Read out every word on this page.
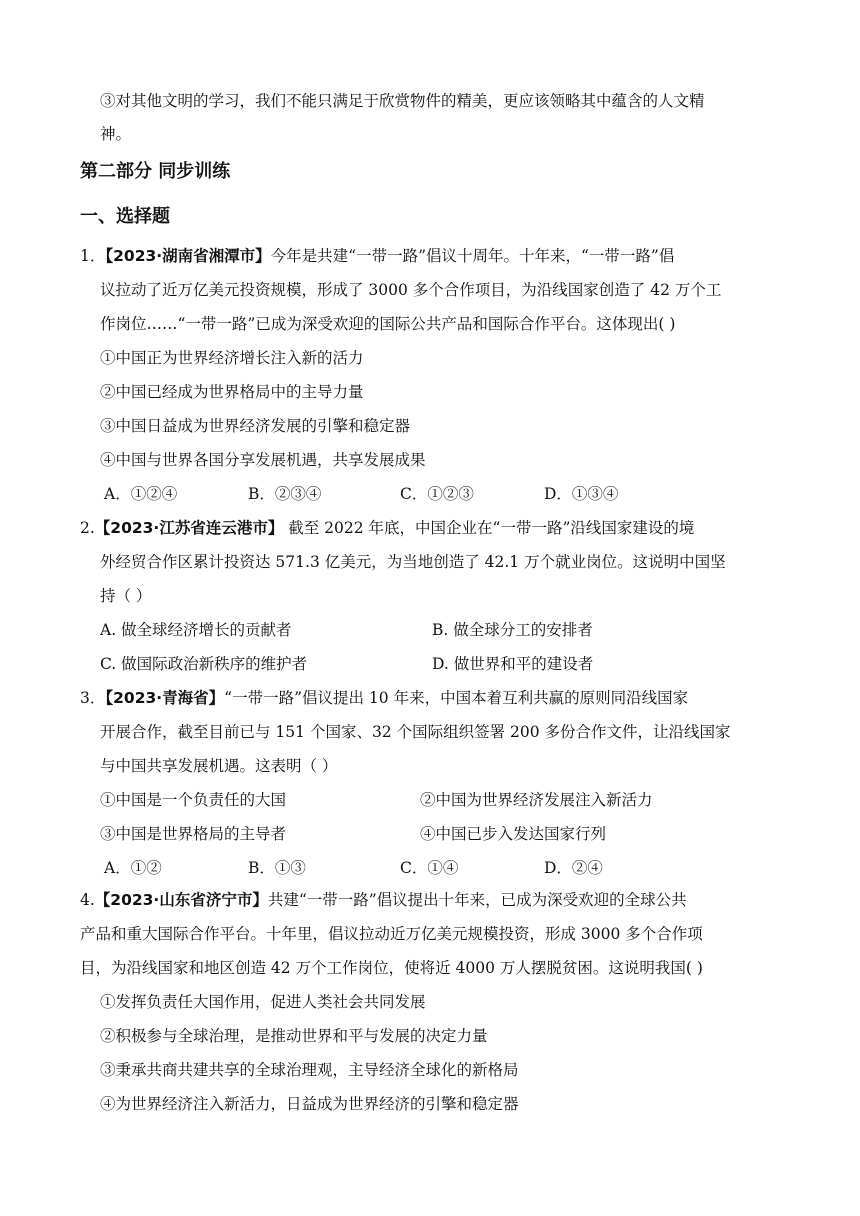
③对其他文明的学习，我们不能只满足于欣赏物件的精美，更应该领略其中蕴含的人文精
神。
第二部分 同步训练
一、选择题
1．【2023·湖南省湘潭市】今年是共建“一带一路”倡议十周年。十年来，“一带一路”倡
议拉动了近万亿美元投资规模，形成了 3000 多个合作项目，为沿线国家创造了 42 万个工
作岗位……“一带一路”已成为深受欢迎的国际公共产品和国际合作平台。这体现出( )
①中国正为世界经济增长注入新的活力
②中国已经成为世界格局中的主导力量
③中国日益成为世界经济发展的引擎和稳定器
④中国与世界各国分享发展机遇，共享发展成果
A．①②④	B．②③④	C．①②③	D．①③④
2.【2023·江苏省连云港市】 截至 2022 年底，中国企业在“一带一路”沿线国家建设的境
外经贸合作区累计投资达 571.3 亿美元，为当地创造了 42.1 万个就业岗位。这说明中国坚
持（ ）
A. 做全球经济增长的贡献者	B. 做全球分工的安排者
C. 做国际政治新秩序的维护者	D. 做世界和平的建设者
3．【2023·青海省】“一带一路”倡议提出 10 年来，中国本着互利共赢的原则同沿线国家
开展合作，截至目前已与 151 个国家、32 个国际组织签署 200 多份合作文件，让沿线国家
与中国共享发展机遇。这表明（ ）
①中国是一个负责任的大国	②中国为世界经济发展注入新活力
③中国是世界格局的主导者	④中国已步入发达国家行列
A．①②	B．①③	C．①④	D．②④
4.【2023·山东省济宁市】共建“一带一路”倡议提出十年来，已成为深受欢迎的全球公共
产品和重大国际合作平台。十年里，倡议拉动近万亿美元规模投资，形成 3000 多个合作项
目，为沿线国家和地区创造 42 万个工作岗位，使将近 4000 万人摆脱贫困。这说明我国( )
①发挥负责任大国作用，促进人类社会共同发展
②积极参与全球治理，是推动世界和平与发展的决定力量
③秉承共商共建共享的全球治理观，主导经济全球化的新格局
④为世界经济注入新活力，日益成为世界经济的引擎和稳定器
